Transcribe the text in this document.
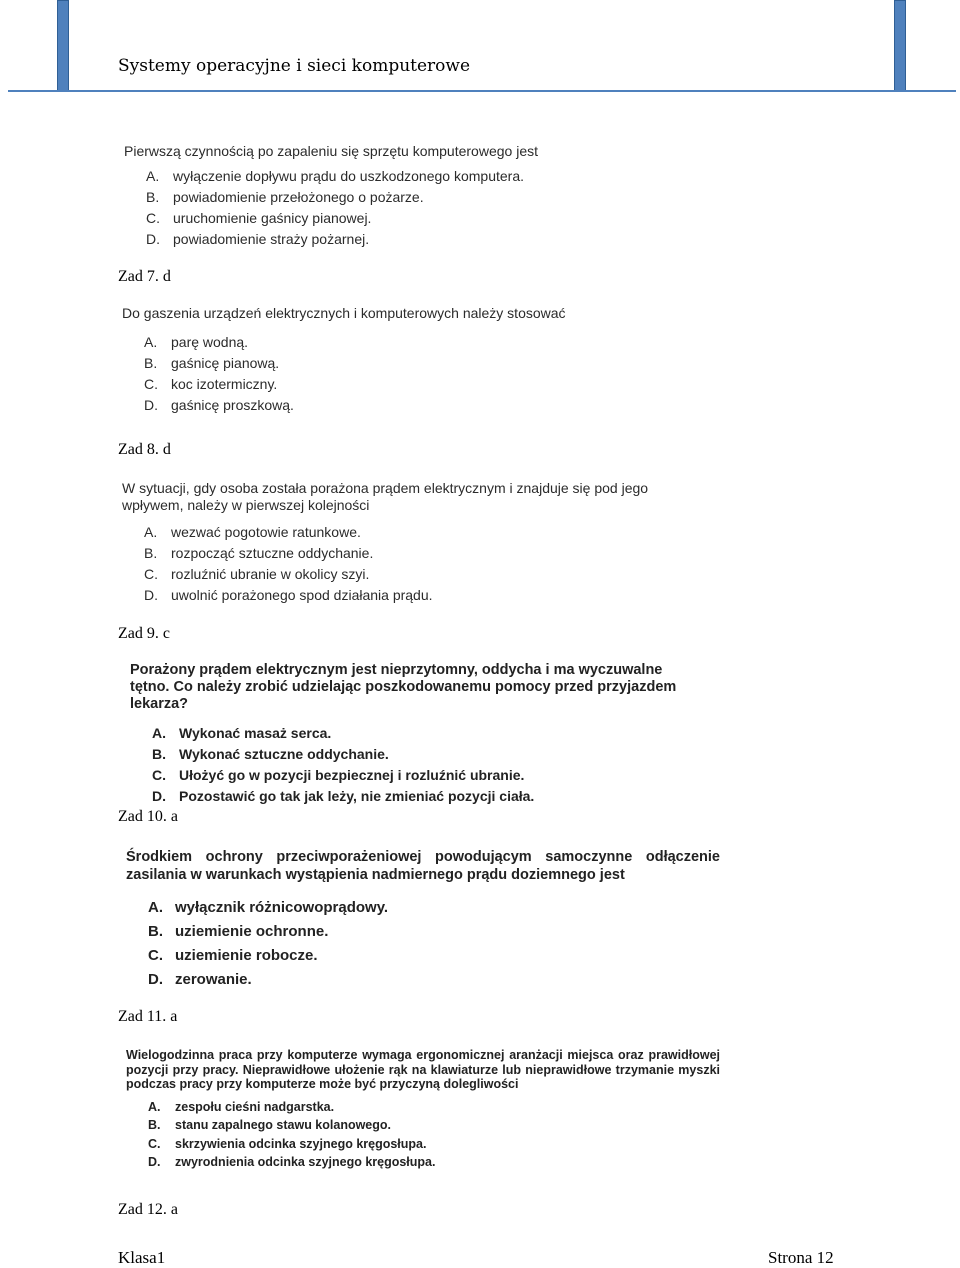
Systemy operacyjne i sieci komputerowe
Pierwszą czynnością po zapaleniu się sprzętu komputerowego jest
A. wyłączenie dopływu prądu do uszkodzonego komputera.
B. powiadomienie przełożonego o pożarze.
C. uruchomienie gaśnicy pianowej.
D. powiadomienie straży pożarnej.
Zad 7. d
Do gaszenia urządzeń elektrycznych i komputerowych należy stosować
A. parę wodną.
B. gaśnicę pianową.
C. koc izotermiczny.
D. gaśnicę proszkową.
Zad 8. d
W sytuacji, gdy osoba została porażona prądem elektrycznym i znajduje się pod jego wpływem, należy w pierwszej kolejności
A. wezwać pogotowie ratunkowe.
B. rozpocząć sztuczne oddychanie.
C. rozluźnić ubranie w okolicy szyi.
D. uwolnić porażonego spod działania prądu.
Zad 9. c
Porażony prądem elektrycznym jest nieprzytomny, oddycha i ma wyczuwalne tętno. Co należy zrobić udzielając poszkodowanemu pomocy przed przyjazdem lekarza?
A. Wykonać masaż serca.
B. Wykonać sztuczne oddychanie.
C. Ułożyć go w pozycji bezpiecznej i rozluźnić ubranie.
D. Pozostawić go tak jak leży, nie zmieniać pozycji ciała.
Zad 10. a
Środkiem ochrony przeciwporażeniowej powodującym samoczynne odłączenie zasilania w warunkach wystąpienia nadmiernego prądu doziemnego jest
A. wyłącznik różnicowoprądowy.
B. uziemienie ochronne.
C. uziemienie robocze.
D. zerowanie.
Zad 11. a
Wielogodzinna praca przy komputerze wymaga ergonomicznej aranżacji miejsca oraz prawidłowej pozycji przy pracy. Nieprawidłowe ułożenie rąk na klawiaturze lub nieprawidłowe trzymanie myszki podczas pracy przy komputerze może być przyczyną dolegliwości
A. zespołu cieśni nadgarstka.
B. stanu zapalnego stawu kolanowego.
C. skrzywienia odcinka szyjnego kręgosłupa.
D. zwyrodnienia odcinka szyjnego kręgosłupa.
Zad 12. a
Klasa1	Strona 12
